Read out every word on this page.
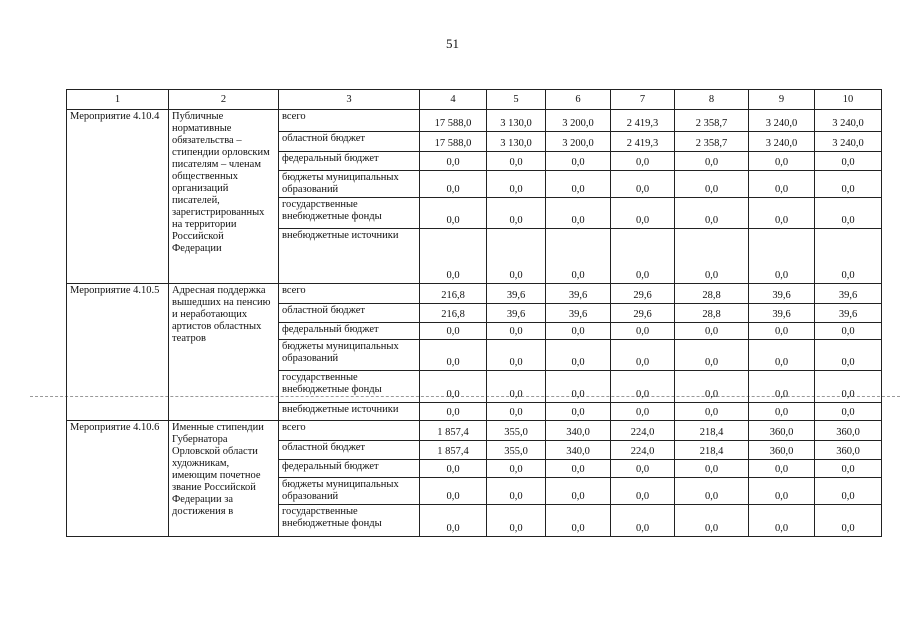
51
1	2	3	4	5	6	7	8	9	10
Мероприятие 4.10.4	Публичные нормативные обязательства – стипендии орловским писателям – членам общественных организаций писателей, зарегистрированных на территории Российской Федерации	всего	17 588,0	3 130,0	3 200,0	2 419,3	2 358,7	3 240,0	3 240,0
		областной бюджет	17 588,0	3 130,0	3 200,0	2 419,3	2 358,7	3 240,0	3 240,0
		федеральный бюджет	0,0	0,0	0,0	0,0	0,0	0,0	0,0
		бюджеты муниципальных образований	0,0	0,0	0,0	0,0	0,0	0,0	0,0
		государственные внебюджетные фонды	0,0	0,0	0,0	0,0	0,0	0,0	0,0
		внебюджетные источники	0,0	0,0	0,0	0,0	0,0	0,0	0,0
Мероприятие 4.10.5	Адресная поддержка вышедших на пенсию и неработающих артистов областных театров	всего	216,8	39,6	39,6	29,6	28,8	39,6	39,6
		областной бюджет	216,8	39,6	39,6	29,6	28,8	39,6	39,6
		федеральный бюджет	0,0	0,0	0,0	0,0	0,0	0,0	0,0
		бюджеты муниципальных образований	0,0	0,0	0,0	0,0	0,0	0,0	0,0
		государственные внебюджетные фонды	0,0	0,0	0,0	0,0	0,0	0,0	0,0
		внебюджетные источники	0,0	0,0	0,0	0,0	0,0	0,0	0,0
Мероприятие 4.10.6	Именные стипендии Губернатора Орловской области художникам, имеющим почетное звание Российской Федерации за достижения в	всего	1 857,4	355,0	340,0	224,0	218,4	360,0	360,0
		областной бюджет	1 857,4	355,0	340,0	224,0	218,4	360,0	360,0
		федеральный бюджет	0,0	0,0	0,0	0,0	0,0	0,0	0,0
		бюджеты муниципальных образований	0,0	0,0	0,0	0,0	0,0	0,0	0,0
		государственные внебюджетные фонды	0,0	0,0	0,0	0,0	0,0	0,0	0,0
